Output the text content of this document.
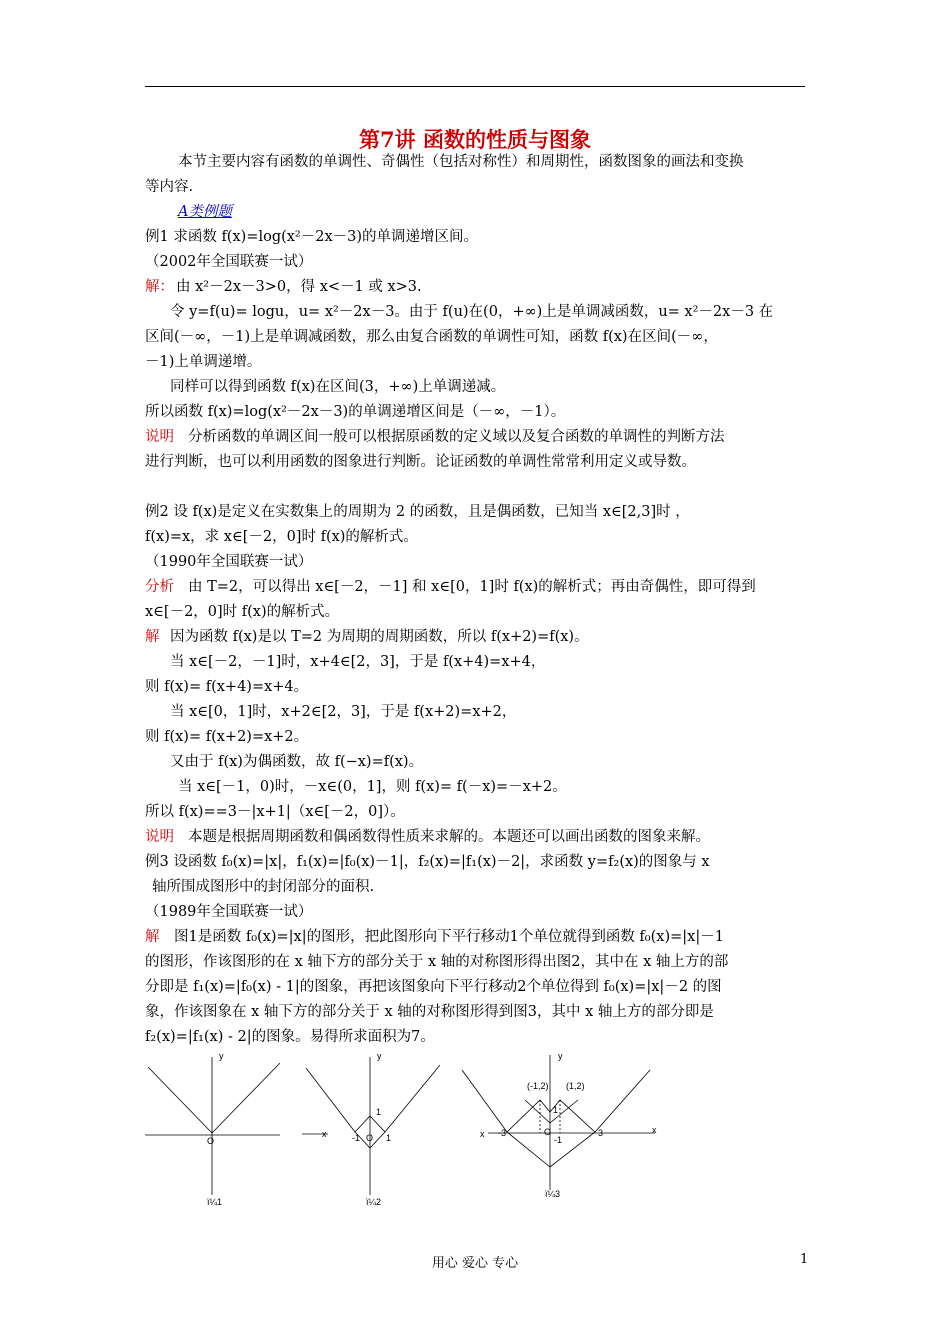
第7讲 函数的性质与图象
本节主要内容有函数的单调性、奇偶性（包括对称性）和周期性，函数图象的画法和变换
等内容.
A类例题
例1 求函数 f(x)=log(x²－2x－3)的单调递增区间。
（2002年全国联赛一试）
解： 由 x²－2x－3>0，得 x<－1 或 x>3.
令 y=f(u)= logu，u= x²－2x－3。由于 f(u)在(0，+∞)上是单调减函数，u= x²－2x－3 在
区间(－∞，－1)上是单调减函数，那么由复合函数的单调性可知，函数 f(x)在区间(－∞，
－1)上单调递增。
同样可以得到函数 f(x)在区间(3，+∞)上单调递减。
所以函数 f(x)=log(x²－2x－3)的单调递增区间是（－∞，－1）。
说明 分析函数的单调区间一般可以根据原函数的定义域以及复合函数的单调性的判断方法
进行判断，也可以利用函数的图象进行判断。论证函数的单调性常常利用定义或导数。
例2 设 f(x)是定义在实数集上的周期为 2 的函数，且是偶函数，已知当 x∈[2,3]时 ，
f(x)=x，求 x∈[－2，0]时 f(x)的解析式。
（1990年全国联赛一试）
分析 由 T=2，可以得出 x∈[－2，－1] 和 x∈[0，1]时 f(x)的解析式；再由奇偶性，即可得到
x∈[－2，0]时 f(x)的解析式。
解 因为函数 f(x)是以 T=2 为周期的周期函数，所以 f(x+2)=f(x)。
当 x∈[－2，－1]时，x+4∈[2，3]，于是 f(x+4)=x+4，
则 f(x)= f(x+4)=x+4。
当 x∈[0，1]时，x+2∈[2，3]，于是 f(x+2)=x+2，
则 f(x)= f(x+2)=x+2。
又由于 f(x)为偶函数，故 f(−x)=f(x)。
当 x∈[－1，0)时，－x∈(0，1]，则 f(x)= f(－x)=－x+2。
所以 f(x)==3－|x+1|（x∈[－2，0]）。
说明 本题是根据周期函数和偶函数得性质来求解的。本题还可以画出函数的图象来解。
例3 设函数 f₀(x)=|x|，f₁(x)=|f₀(x)－1|，f₂(x)=|f₁(x)－2|，求函数 y=f₂(x)的图象与 x
轴所围成图形中的封闭部分的面积.
（1989年全国联赛一试）
解 图1是函数 f₀(x)=|x|的图形，把此图形向下平行移动1个单位就得到函数 f₀(x)=|x|－1
的图形，作该图形的在 x 轴下方的部分关于 x 轴的对称图形得出图2，其中在 x 轴上方的部
分即是 f₁(x)=|f₀(x) - 1|的图象，再把该图象向下平行移动2个单位得到 f₀(x)=|x|－2 的图
象，作该图象在 x 轴下方的部分关于 x 轴的对称图形得到图3，其中 x 轴上方的部分即是
f₂(x)=|f₁(x) - 2|的图象。易得所求面积为7。
y
O
ï¼1
y
1
-1 O 1
x
ï¼2
y
(-1,2) (1,2)
1
-3	O
-1
3
x	x
ï¼3
用心 爱心 专心	1
